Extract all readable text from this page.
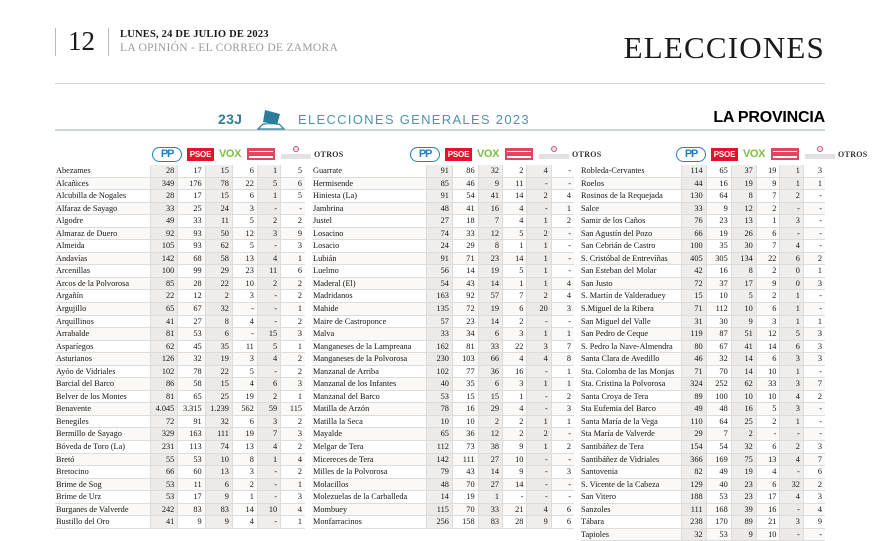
12	LUNES, 24 DE JULIO DE 2023
LA OPINIÓN - EL CORREO DE ZAMORA	ELECCIONES
23J	ELECCIONES GENERALES 2023	LA PROVINCIA
PP	PSOE VOX	OTROS	PP	PSOE VOX	OTROS	PP	PSOE VOX	OTROS
Abezames	28	17	15	6	1	5
Alcañices	349	176	78	22	5	6
Alcubilla de Nogales	28	17	15	6	1	5
Alfaraz de Sayago	33	25	24	3	-	-
Algodre	49	33	11	5	2	2
Almaraz de Duero	92	93	50	12	3	9
Almeida	105	93	62	5	-	3
Andavías	142	68	58	13	4	1
Arcenillas	100	99	29	23	11	6
Arcos de la Polvorosa	85	28	22	10	2	2
Argañín	22	12	2	3	-	2
Argujillo	65	67	32	-	-	1
Arquillinos	41	27	8	4	-	2
Arrabalde	81	53	6	-	15	3
Asparíegos	62	45	35	11	5	1
Asturianos	126	32	19	3	4	2
Ayóo de Vidriales	102	78	22	5	-	2
Barcial del Barco	86	58	15	4	6	3
Belver de los Montes	81	65	25	19	2	1
Benavente	4.045	3.315	1.239	562	59	115
Benegiles	72	91	32	6	3	2
Bermillo de Sayago	329	163	111	19	7	3
Bóveda de Toro (La)	231	113	74	13	4	2
Bretó	55	53	10	8	1	4
Bretocino	66	60	13	3	-	2
Brime de Sog	53	11	6	2	-	1
Brime de Urz	53	17	9	1	-	3
Burganes de Valverde	242	83	83	14	10	4
Bustillo del Oro	41	9	9	4	-	1
Guarrate	91	86	32	2	4	-
Hermisende	85	46	9	11	-	-
Hiniesta (La)	91	54	41	14	2	4
Jambrina	48	41	16	4	-	1
Justel	27	18	7	4	1	2
Losacino	74	33	12	5	2	-
Losacio	24	29	8	1	1	-
Lubián	91	71	23	14	1	-
Luelmo	56	14	19	5	1	-
Maderal (El)	54	43	14	1	1	4
Madridanos	163	92	57	7	2	4
Mahide	135	72	19	6	20	3
Maire de Castroponce	57	23	14	2	-	-
Malva	33	34	6	3	1	1
Manganeses de la Lampreana	162	81	33	22	3	7
Manganeses de la Polvorosa	230	103	66	4	4	8
Manzanal de Arriba	102	77	36	16	-	1
Manzanal de los Infantes	40	35	6	3	1	1
Manzanal del Barco	53	15	15	1	-	2
Matilla de Arzón	78	16	29	4	-	3
Matilla la Seca	10	10	2	2	1	1
Mayalde	65	36	12	2	2	-
Melgar de Tera	112	73	38	9	1	2
Micereces de Tera	142	111	27	10	-	-
Milles de la Polvorosa	79	43	14	9	-	3
Molacillos	48	70	27	14	-	-
Molezuelas de la Carballeda	14	19	1	-	-	-
Mombuey	115	70	33	21	4	6
Monfarracinos	256	158	83	28	9	6
Robleda-Cervantes	114	65	37	19	1	3
Roelos	44	16	19	9	1	1
Rosinos de la Requejada	130	64	8	7	2	-
Salce	33	9	12	2	-	-
Samir de los Caños	76	23	13	1	3	-
San Agustín del Pozo	66	19	26	6	-	-
San Cebrián de Castro	100	35	30	7	4	-
S. Cristóbal de Entrevíñas	405	305	134	22	6	2
San Esteban del Molar	42	16	8	2	0	1
San Justo	72	37	17	9	0	3
S. Martín de Valderaduey	15	10	5	2	1	-
S.Miguel de la Ribera	71	112	10	6	1	-
San Miguel del Valle	31	30	9	3	1	1
San Pedro de Ceque	119	87	51	12	5	3
S. Pedro la Nave-Almendra	80	67	41	14	6	3
Santa Clara de Avedillo	46	32	14	6	3	3
Sta. Colomba de las Monjas	71	70	14	10	1	-
Sta. Cristina la Polvorosa	324	252	62	33	3	7
Santa Croya de Tera	89	100	10	10	4	2
Sta Eufemia del Barco	49	48	16	5	3	-
Santa María de la Vega	110	64	25	2	1	-
Sta María de Valverde	29	7	2	-	-	-
Santibáñez de Tera	154	54	32	6	2	3
Santibáñez de Vidriales	366	169	75	13	4	7
Santovenia	82	49	19	4	-	6
S. Vicente de la Cabeza	129	40	23	6	32	2
San Vitero	188	53	23	17	4	3
Sanzoles	111	168	39	16	-	4
Tábara	238	170	89	21	3	9
Tapioles	32	53	9	10	-	-
